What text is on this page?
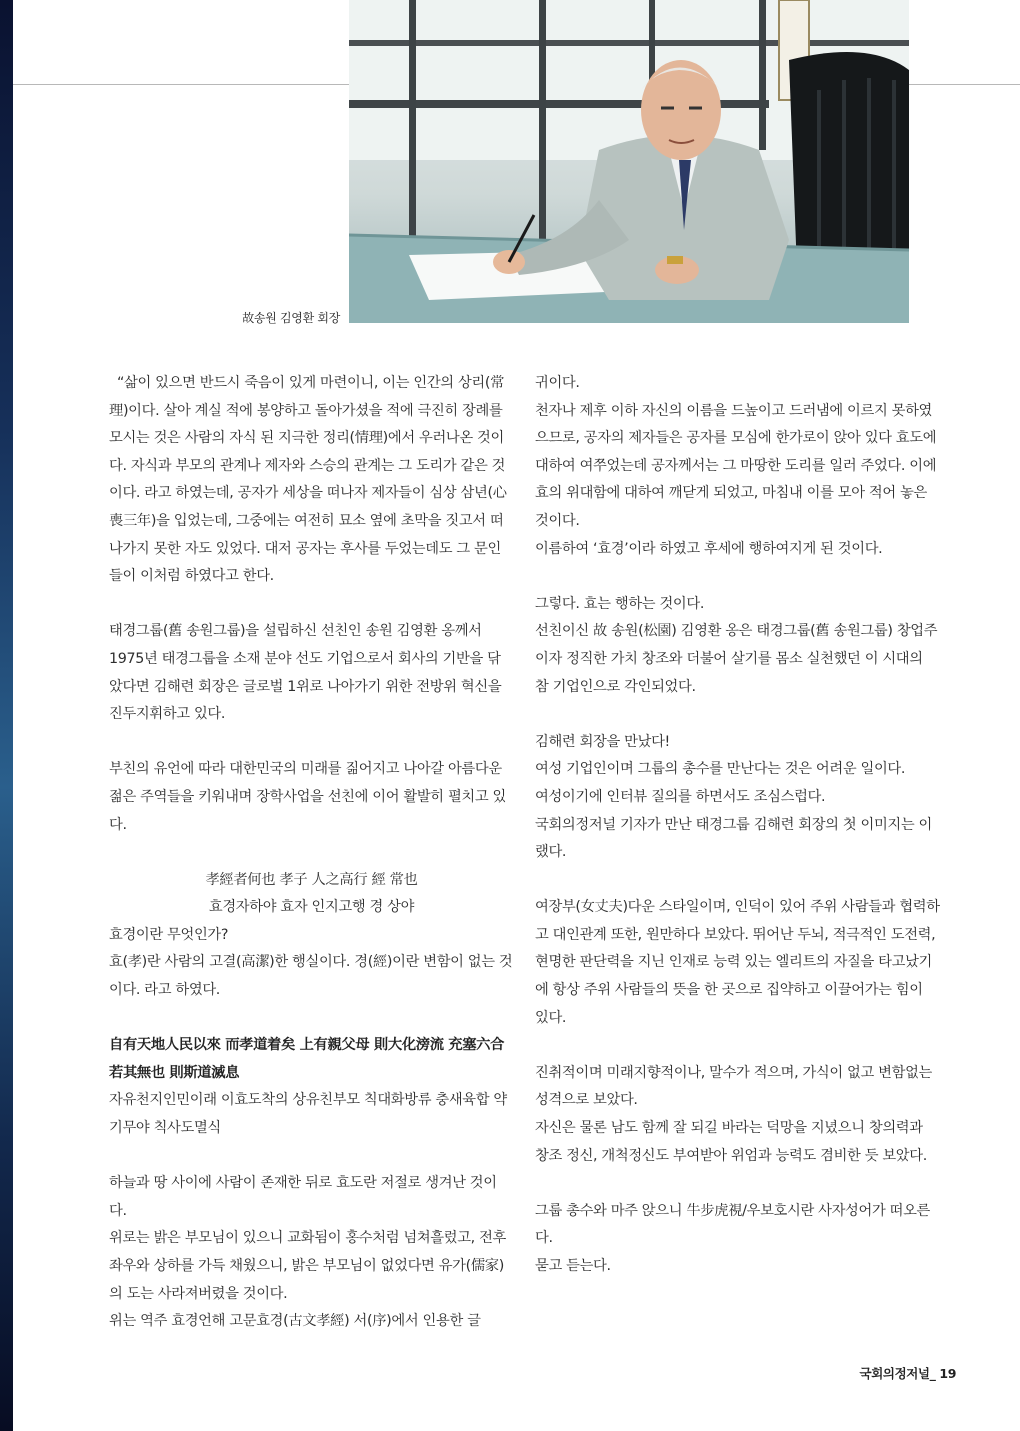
故송원 김영환 회장

“삶이 있으면 반드시 죽음이 있게 마련이니, 이는 인간의 상리(常理)이다. 살아 계실 적에 봉양하고 돌아가셨을 적에 극진히 장례를 모시는 것은 사람의 자식 된 지극한 정리(情理)에서 우러나온 것이다. 자식과 부모의 관계나 제자와 스승의 관계는 그 도리가 같은 것이다. 라고 하였는데, 공자가 세상을 떠나자 제자들이 심상 삼년(心喪三年)을 입었는데, 그중에는 여전히 묘소 옆에 초막을 짓고서 떠나가지 못한 자도 있었다. 대저 공자는 후사를 두었는데도 그 문인들이 이처럼 하였다고 한다.

태경그룹(舊 송원그룹)을 설립하신 선친인 송원 김영환 옹께서 1975년 태경그룹을 소재 분야 선도 기업으로서 회사의 기반을 닦았다면 김해련 회장은 글로벌 1위로 나아가기 위한 전방위 혁신을 진두지휘하고 있다.

부친의 유언에 따라 대한민국의 미래를 짊어지고 나아갈 아름다운 젊은 주역들을 키워내며 장학사업을 선친에 이어 활발히 펼치고 있다.

孝經者何也 孝子 人之高行 經 常也

효경자하야 효자 인지고행 경 상야

효경이란 무엇인가?

효(孝)란 사람의 고결(高潔)한 행실이다. 경(經)이란 변함이 없는 것이다. 라고 하였다.

自有天地人民以來 而孝道着矣 上有親父母 則大化滂流 充塞六合 若其無也 則斯道滅息

자유천지인민이래 이효도착의 상유친부모 칙대화방류 충새육합 약기무야 칙사도멸식

하늘과 땅 사이에 사람이 존재한 뒤로 효도란 저절로 생겨난 것이다.

위로는 밝은 부모님이 있으니 교화됨이 홍수처럼 넘쳐흘렀고, 전후좌우와 상하를 가득 채웠으니, 밝은 부모님이 없었다면 유가(儒家)의 도는 사라져버렸을 것이다.

위는 역주 효경언해 고문효경(古文孝經) 서(序)에서 인용한 글

귀이다.

천자나 제후 이하 자신의 이름을 드높이고 드러냄에 이르지 못하였으므로, 공자의 제자들은 공자를 모심에 한가로이 앉아 있다 효도에 대하여 여쭈었는데 공자께서는 그 마땅한 도리를 일러 주었다. 이에 효의 위대함에 대하여 깨닫게 되었고, 마침내 이를 모아 적어 놓은 것이다.

이름하여 ‘효경’이라 하였고 후세에 행하여지게 된 것이다.

그렇다. 효는 행하는 것이다.

선친이신 故 송원(松園) 김영환 옹은 태경그룹(舊 송원그룹) 창업주이자 정직한 가치 창조와 더불어 살기를 몸소 실천했던 이 시대의 참 기업인으로 각인되었다.

김해련 회장을 만났다!

여성 기업인이며 그룹의 총수를 만난다는 것은 어려운 일이다.

여성이기에 인터뷰 질의를 하면서도 조심스럽다.

국회의정저널 기자가 만난 태경그룹 김해련 회장의 첫 이미지는 이랬다.

여장부(女丈夫)다운 스타일이며, 인덕이 있어 주위 사람들과 협력하고 대인관계 또한, 원만하다 보았다. 뛰어난 두뇌, 적극적인 도전력, 현명한 판단력을 지닌 인재로 능력 있는 엘리트의 자질을 타고났기에 항상 주위 사람들의 뜻을 한 곳으로 집약하고 이끌어가는 힘이 있다.

진취적이며 미래지향적이나, 말수가 적으며, 가식이 없고 변함없는 성격으로 보았다.

자신은 물론 남도 함께 잘 되길 바라는 덕망을 지녔으니 창의력과 창조 정신, 개척정신도 부여받아 위엄과 능력도 겸비한 듯 보았다.

그룹 총수와 마주 앉으니 牛步虎視/우보호시란 사자성어가 떠오른다.

묻고 듣는다.

국회의정저널_ 19
